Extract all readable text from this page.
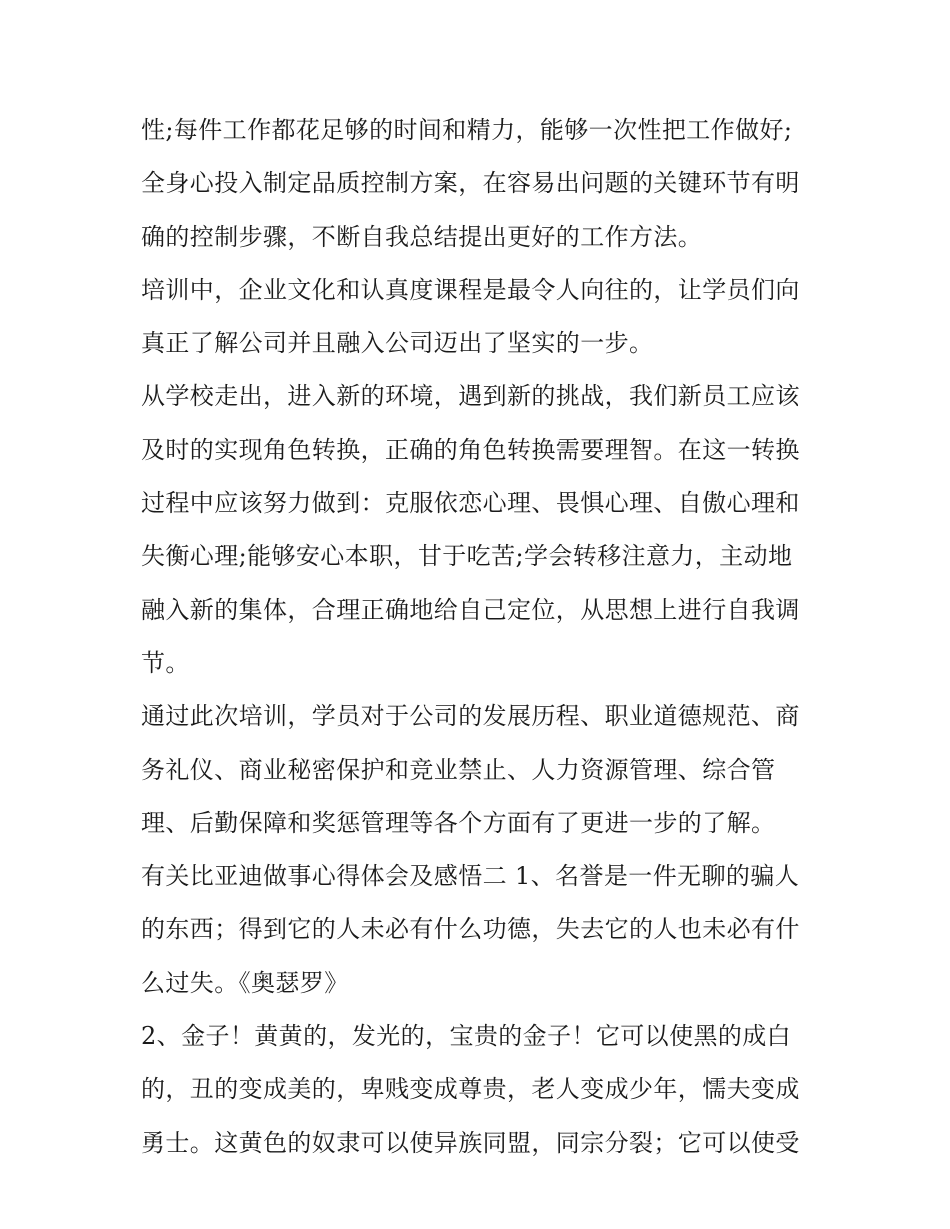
性;每件工作都花足够的时间和精力，能够一次性把工作做好;
全身心投入制定品质控制方案，在容易出问题的关键环节有明
确的控制步骤，不断自我总结提出更好的工作方法。
培训中，企业文化和认真度课程是最令人向往的，让学员们向
真正了解公司并且融入公司迈出了坚实的一步。
从学校走出，进入新的环境，遇到新的挑战，我们新员工应该
及时的实现角色转换，正确的角色转换需要理智。在这一转换
过程中应该努力做到：克服依恋心理、畏惧心理、自傲心理和
失衡心理;能够安心本职，甘于吃苦;学会转移注意力，主动地
融入新的集体，合理正确地给自己定位，从思想上进行自我调
节。
通过此次培训，学员对于公司的发展历程、职业道德规范、商
务礼仪、商业秘密保护和竞业禁止、人力资源管理、综合管
理、后勤保障和奖惩管理等各个方面有了更进一步的了解。
有关比亚迪做事心得体会及感悟二 1、名誉是一件无聊的骗人
的东西；得到它的人未必有什么功德，失去它的人也未必有什
么过失。《奥瑟罗》
2、金子！黄黄的，发光的，宝贵的金子！它可以使黑的成白
的，丑的变成美的，卑贱变成尊贵，老人变成少年，懦夫变成
勇士。这黄色的奴隶可以使异族同盟，同宗分裂；它可以使受
